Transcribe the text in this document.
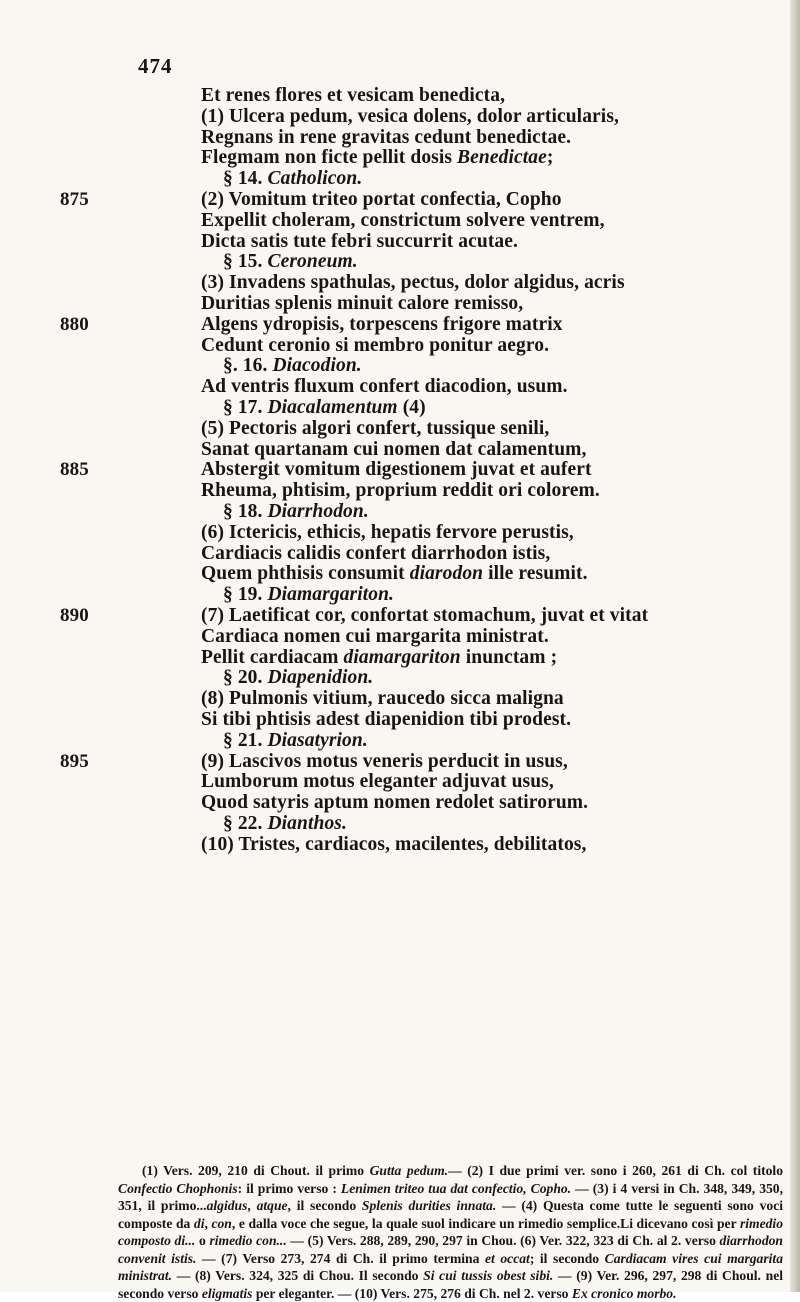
474
Et renes flores et vesicam benedicta,
(1) Ulcera pedum, vesica dolens, dolor articularis,
Regnans in rene gravitas cedunt benedictae.
Flegmam non ficte pellit dosis Benedictae;
§ 14. Catholicon.
875	(2) Vomitum triteo portat confectia, Copho
Expellit choleram, constrictum solvere ventrem,
Dicta satis tute febri succurrit acutae.
§ 15. Ceroneum.
(3) Invadens spathulas, pectus, dolor algidus, acris
Duritias splenis minuit calore remisso,
880	Algens ydropisis, torpescens frigore matrix
Cedunt ceronio si membro ponitur aegro.
§. 16. Diacodion.
Ad ventris fluxum confert diacodion, usum.
§ 17. Diacalamentum (4)
(5) Pectoris algori confert, tussique senili,
Sanat quartanam cui nomen dat calamentum,
885	Abstergit vomitum digestionem juvat et aufert
Rheuma, phtisim, proprium reddit ori colorem.
§ 18. Diarrhodon.
(6) Ictericis, ethicis, hepatis fervore perustis,
Cardiacis calidis confert diarrhodon istis,
Quem phthisis consumit diarodon ille resumit.
§ 19. Diamargariton.
890	(7) Laetificat cor, confortat stomachum, juvat et vitat
Cardiaca nomen cui margarita ministrat.
Pellit cardiacam diamargariton inunctam ;
§ 20. Diapenidion.
(8) Pulmonis vitium, raucedo sicca maligna
Si tibi phtisis adest diapenidion tibi prodest.
§ 21. Diasatyrion.
895	(9) Lascivos motus veneris perducit in usus,
Lumborum motus eleganter adjuvat usus,
Quod satyris aptum nomen redolet satirorum.
§ 22. Dianthos.
(10) Tristes, cardiacos, macilentes, debilitatos,
(1) Vers. 209, 210 di Chout. il primo Gutta pedum.— (2) I due primi ver. sono i 260, 261 di Ch. col titolo Confectio Chophonis: il primo verso : Lenimen triteo tua dat confectio, Copho. — (3) i 4 versi in Ch. 348, 349, 350, 351, il primo...algidus, atque, il secondo Splenis durities innata. — (4) Questa come tutte le seguenti sono voci composte da di, con, e dalla voce che segue, la quale suol indicare un rimedio semplice.Li dicevano così per rimedio composto di... o rimedio con... — (5) Vers. 288, 289, 290, 297 in Chou. (6) Ver. 322, 323 di Ch. al 2. verso diarrhodon convenit istis. — (7) Verso 273, 274 di Ch. il primo termina et occat; il secondo Cardiacam vires cui margarita ministrat. — (8) Vers. 324, 325 di Chou. Il secondo Si cui tussis obest sibi. — (9) Ver. 296, 297, 298 di Choul. nel secondo verso eligmatis per eleganter. — (10) Vers. 275, 276 di Ch. nel 2. verso Ex cronico morbo.
